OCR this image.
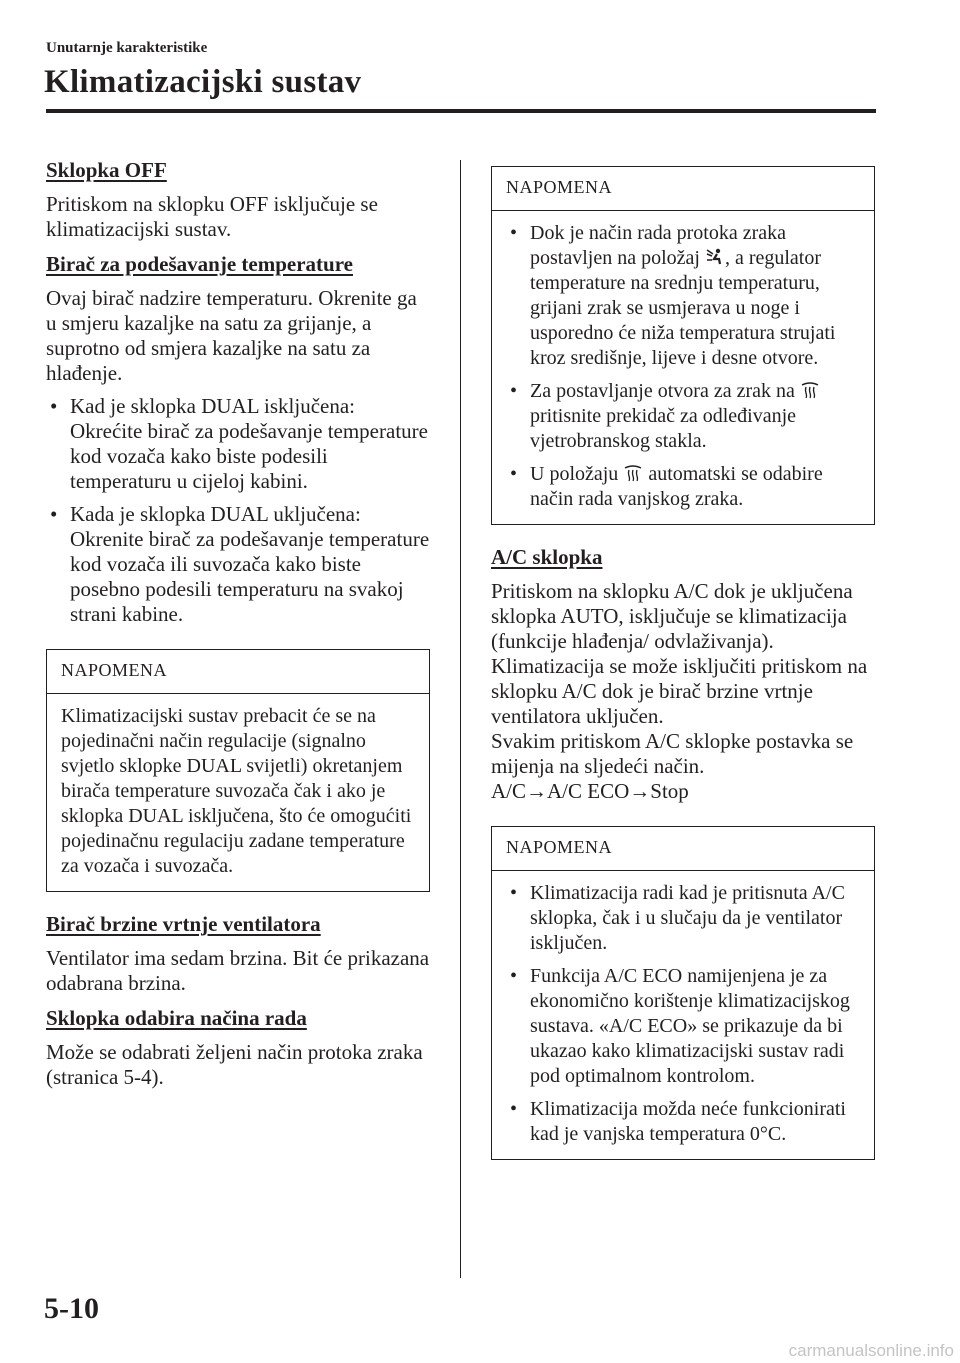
Unutarnje karakteristike
Klimatizacijski sustav
Sklopka OFF

Pritiskom na sklopku OFF isključuje se klimatizacijski sustav.

Birač za podešavanje temperature

Ovaj birač nadzire temperaturu. Okrenite ga u smjeru kazaljke na satu za grijanje, a suprotno od smjera kazaljke na satu za hlađenje.

• Kad je sklopka DUAL isključena: Okrećite birač za podešavanje temperature kod vozača kako biste podesili temperaturu u cijeloj kabini.
• Kada je sklopka DUAL uključena: Okrenite birač za podešavanje temperature kod vozača ili suvozača kako biste posebno podesili temperaturu na svakoj strani kabine.
NAPOMENA

Klimatizacijski sustav prebacit će se na pojedinačni način regulacije (signalno svjetlo sklopke DUAL svijetli) okretanjem birača temperature suvozača čak i ako je sklopka DUAL isključena, što će omogućiti pojedinačnu regulaciju zadane temperature za vozača i suvozača.

Birač brzine vrtnje ventilatora

Ventilator ima sedam brzina. Bit će prikazana odabrana brzina.

Sklopka odabira načina rada

Može se odabrati željeni način protoka zraka (stranica 5-4).

NAPOMENA
• Dok je način rada protoka zraka postavljen na položaj
, a regulator temperature na srednju temperaturu, grijani zrak se usmjerava u noge i usporedno će niža temperatura strujati kroz središnje, lijeve i desne otvore.
• Za postavljanje otvora za zrak na
pritisnite prekidač za odleđivanje vjetrobranskog stakla.
• U položaju
automatski se odabire način rada vanjskog zraka.
A/C sklopka

Pritiskom na sklopku A/C dok je uključena sklopka AUTO, isključuje se klimatizacija (funkcije hlađenja/ odvlaživanja).
Klimatizacija se može isključiti pritiskom na sklopku A/C dok je birač brzine vrtnje ventilatora uključen.
Svakim pritiskom A/C sklopke postavka se mijenja na sljedeći način.
A/C→A/C ECO→Stop

NAPOMENA
• Klimatizacija radi kad je pritisnuta A/C sklopka, čak i u slučaju da je ventilator isključen.
• Funkcija A/C ECO namijenjena je za ekonomično korištenje klimatizacijskog sustava. «A/C ECO» se prikazuje da bi ukazao kako klimatizacijski sustav radi pod optimalnom kontrolom.
• Klimatizacija možda neće funkcionirati kad je vanjska temperatura 0°C.
5-10
carmanualsonline.info
